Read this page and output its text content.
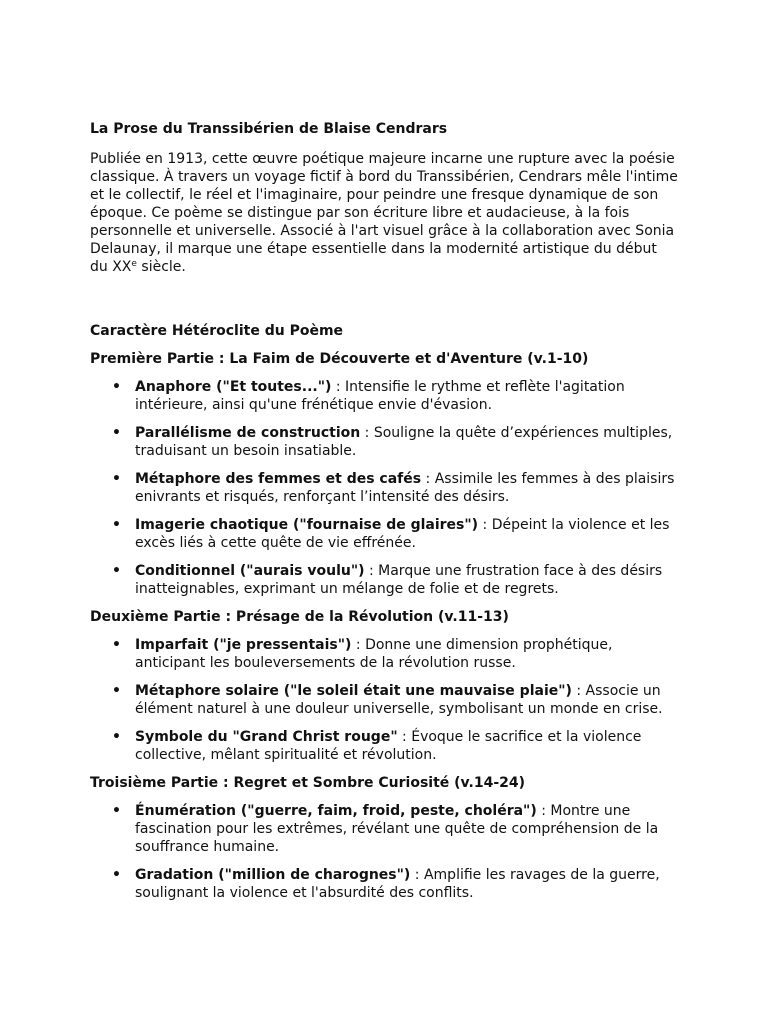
La Prose du Transsibérien de Blaise Cendrars

Publiée en 1913, cette œuvre poétique majeure incarne une rupture avec la poésie classique. À travers un voyage fictif à bord du Transsibérien, Cendrars mêle l'intime et le collectif, le réel et l'imaginaire, pour peindre une fresque dynamique de son époque. Ce poème se distingue par son écriture libre et audacieuse, à la fois personnelle et universelle. Associé à l'art visuel grâce à la collaboration avec Sonia Delaunay, il marque une étape essentielle dans la modernité artistique du début du XXe siècle.

Caractère Hétéroclite du Poème
Première Partie : La Faim de Découverte et d'Aventure (v.1-10)
• Anaphore ("Et toutes...") : Intensifie le rythme et reflète l'agitation intérieure, ainsi qu'une frénétique envie d'évasion.
• Parallélisme de construction : Souligne la quête d’expériences multiples, traduisant un besoin insatiable.
• Métaphore des femmes et des cafés : Assimile les femmes à des plaisirs enivrants et risqués, renforçant l’intensité des désirs.
• Imagerie chaotique ("fournaise de glaires") : Dépeint la violence et les excès liés à cette quête de vie effrénée.
• Conditionnel ("aurais voulu") : Marque une frustration face à des désirs inatteignables, exprimant un mélange de folie et de regrets.
Deuxième Partie : Présage de la Révolution (v.11-13)
• Imparfait ("je pressentais") : Donne une dimension prophétique, anticipant les bouleversements de la révolution russe.
• Métaphore solaire ("le soleil était une mauvaise plaie") : Associe un élément naturel à une douleur universelle, symbolisant un monde en crise.
• Symbole du "Grand Christ rouge" : Évoque le sacrifice et la violence collective, mêlant spiritualité et révolution.
Troisième Partie : Regret et Sombre Curiosité (v.14-24)
• Énumération ("guerre, faim, froid, peste, choléra") : Montre une fascination pour les extrêmes, révélant une quête de compréhension de la souffrance humaine.
• Gradation ("million de charognes") : Amplifie les ravages de la guerre, soulignant la violence et l'absurdité des conflits.
